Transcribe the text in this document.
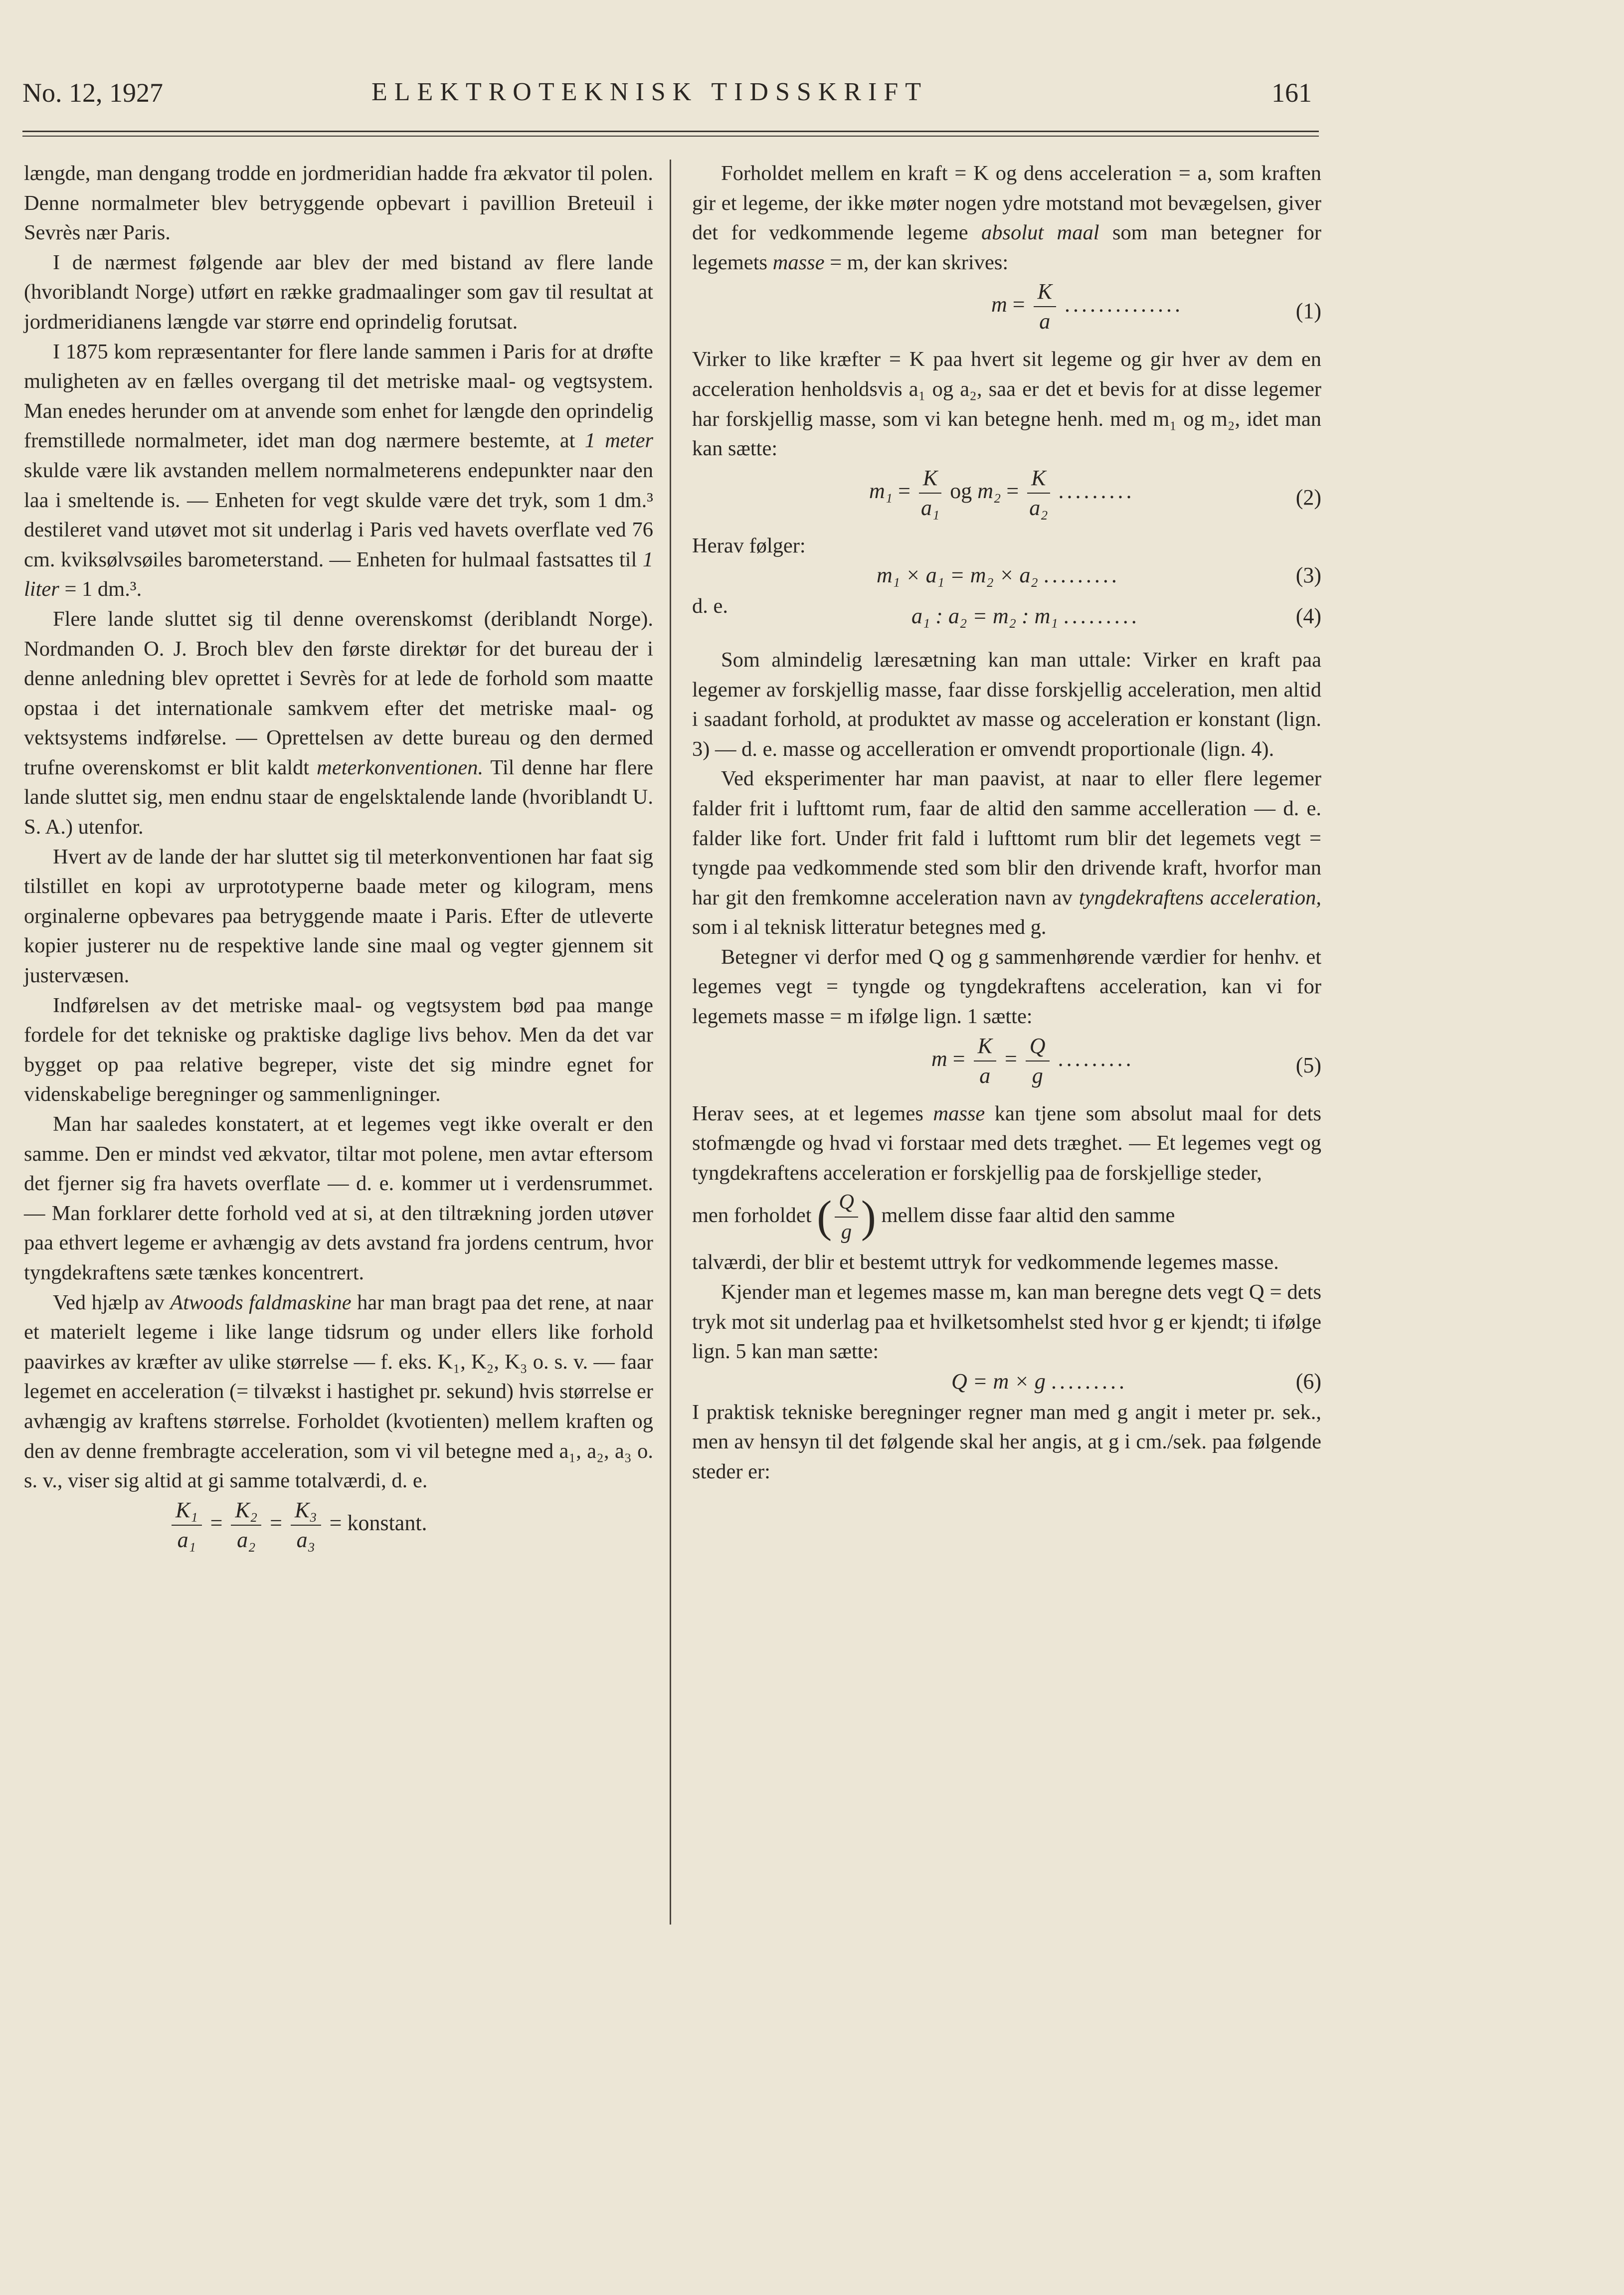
No. 12, 1927	ELEKTROTEKNISK TIDSSKRIFT	161

længde, man dengang trodde en jordmeridian hadde fra ækvator til polen. Denne normalmeter blev betryggende opbevart i pavillion Breteuil i Sevrès nær Paris.

I de nærmest følgende aar blev der med bistand av flere lande (hvoriblandt Norge) utført en række gradmaalinger som gav til resultat at jordmeridianens længde var større end oprindelig forutsat.

I 1875 kom repræsentanter for flere lande sammen i Paris for at drøfte muligheten av en fælles overgang til det metriske maal- og vegtsystem. Man enedes herunder om at anvende som enhet for længde den oprindelig fremstillede normalmeter, idet man dog nærmere bestemte, at 1 meter skulde være lik avstanden mellem normalmeterens endepunkter naar den laa i smeltende is. — Enheten for vegt skulde være det tryk, som 1 dm.³ destileret vand utøvet mot sit underlag i Paris ved havets overflate ved 76 cm. kviksølvsøiles barometerstand. — Enheten for hulmaal fastsattes til 1 liter = 1 dm.³.

Flere lande sluttet sig til denne overenskomst (deriblandt Norge). Nordmanden O. J. Broch blev den første direktør for det bureau der i denne anledning blev oprettet i Sevrès for at lede de forhold som maatte opstaa i det internationale samkvem efter det metriske maal- og vektsystems indførelse. — Oprettelsen av dette bureau og den dermed trufne overenskomst er blit kaldt meterkonventionen. Til denne har flere lande sluttet sig, men endnu staar de engelsktalende lande (hvoriblandt U. S. A.) utenfor.

Hvert av de lande der har sluttet sig til meterkonventionen har faat sig tilstillet en kopi av urprototyperne baade meter og kilogram, mens orginalerne opbevares paa betryggende maate i Paris. Efter de utleverte kopier justerer nu de respektive lande sine maal og vegter gjennem sit justervæsen.

Indførelsen av det metriske maal- og vegtsystem bød paa mange fordele for det tekniske og praktiske daglige livs behov. Men da det var bygget op paa relative begreper, viste det sig mindre egnet for videnskabelige beregninger og sammenligninger.

Man har saaledes konstatert, at et legemes vegt ikke overalt er den samme. Den er mindst ved ækvator, tiltar mot polene, men avtar eftersom det fjerner sig fra havets overflate — d. e. kommer ut i verdensrummet. — Man forklarer dette forhold ved at si, at den tiltrækning jorden utøver paa ethvert legeme er avhængig av dets avstand fra jordens centrum, hvor tyngdekraftens sæte tænkes koncentrert.

Ved hjælp av Atwoods faldmaskine har man bragt paa det rene, at naar et materielt legeme i like lange tidsrum og under ellers like forhold paavirkes av kræfter av ulike størrelse — f. eks. K₁, K₂, K₃ o. s. v. — faar legemet en acceleration (= tilvækst i hastighet pr. sekund) hvis størrelse er avhængig av kraftens størrelse. Forholdet (kvotienten) mellem kraften og den av denne frembragte acceleration, som vi vil betegne med a₁, a₂, a₃ o. s. v., viser sig altid at gi samme totalværdi, d. e.

$\frac{\text{K₁}}{\text{a₁}} = \frac{\text{K₂}}{\text{a₂}} = \frac{\text{K₃}}{\text{a₃}}$ = konstant.

Forholdet mellem en kraft = K og dens acceleration = a, som kraften gir et legeme, der ikke møter nogen ydre motstand mot bevægelsen, giver det for vedkommende legeme absolut maal som man betegner for legemets masse = m, der kan skrives:

$m = \frac{K}{a}$ ..............	(1)

Virker to like kræfter = K paa hvert sit legeme og gir hver av dem en acceleration henholdsvis a₁ og a₂, saa er det et bevis for at disse legemer har forskjellig masse, som vi kan betegne henh. med m₁ og m₂, idet man kan sætte:

$m_1 = \frac{K}{\text{a₁}}$ og $m_2 = \frac{K}{\text{a₂}}$ .........	(2)

Herav følger:

m₁ × a₁ = m₂ × a₂ .........	(3)

d. e.	a₁ : a₂ = m₂ : m₁ .........	(4)

Som almindelig læresætning kan man uttale: Virker en kraft paa legemer av forskjellig masse, faar disse forskjellig acceleration, men altid i saadant forhold, at produktet av masse og acceleration er konstant (lign. 3) — d. e. masse og accelleration er omvendt proportionale (lign. 4).

Ved eksperimenter har man paavist, at naar to eller flere legemer falder frit i lufttomt rum, faar de altid den samme accelleration — d. e. falder like fort. Under frit fald i lufttomt rum blir det legemets vegt = tyngde paa vedkommende sted som blir den drivende kraft, hvorfor man har git den fremkomne acceleration navn av tyngdekraftens acceleration, som i al teknisk litteratur betegnes med g.

Betegner vi derfor med Q og g sammenhørende værdier for henhv. et legemes vegt = tyngde og tyngdekraftens acceleration, kan vi for legemets masse = m ifølge lign. 1 sætte:

$m = \frac{K}{a} = \frac{Q}{g}$ .........	(5)

Herav sees, at et legemes masse kan tjene som absolut maal for dets stofmængde og hvad vi forstaar med dets træghet. — Et legemes vegt og tyngdekraftens acceleration er forskjellig paa de forskjellige steder,

men forholdet ( $\frac{Q}{g}$ ) mellem disse faar altid den samme

talværdi, der blir et bestemt uttryk for vedkommende legemes masse.

Kjender man et legemes masse m, kan man beregne dets vegt Q = dets tryk mot sit underlag paa et hvilketsomhelst sted hvor g er kjendt; ti ifølge lign. 5 kan man sætte:

Q = m × g .........	(6)

I praktisk tekniske beregninger regner man med g angit i meter pr. sek., men av hensyn til det følgende skal her angis, at g i cm./sek. paa følgende steder er:
